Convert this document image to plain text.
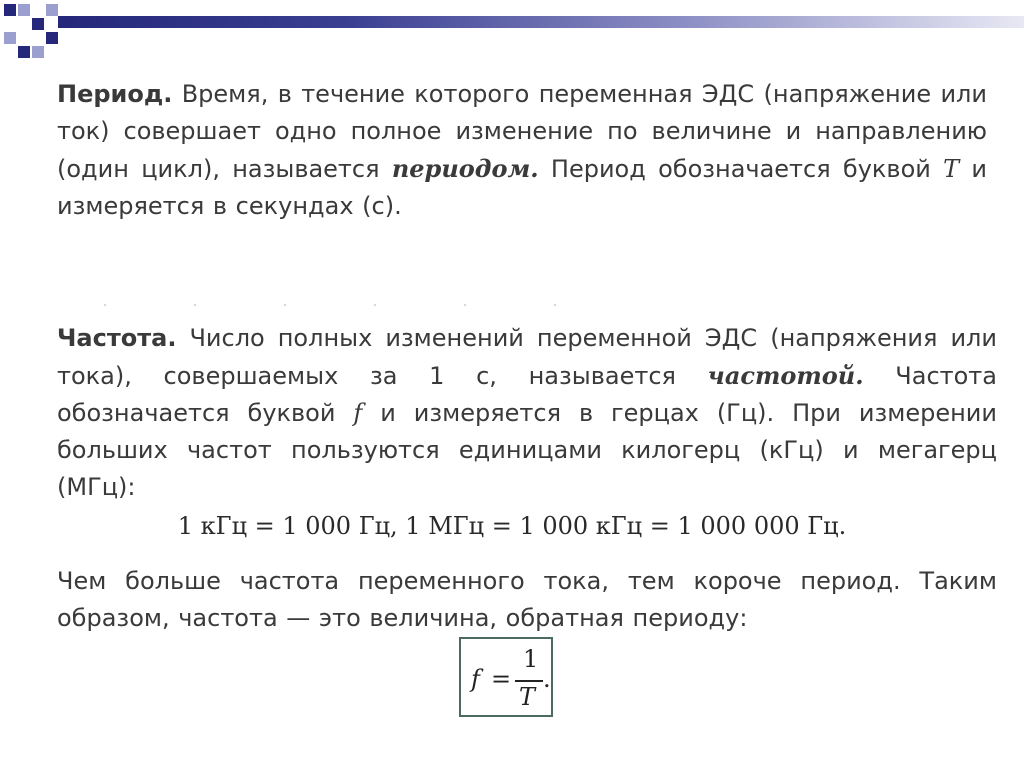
Период. Время, в течение которого переменная ЭДС (напряжение или ток) совершает одно полное изменение по величине и направлению (один цикл), называется периодом. Период обозначается буквой T и измеряется в секундах (с).
Частота. Число полных изменений переменной ЭДС (напряжения или тока), совершаемых за 1 с, называется частотой. Частота обозначается буквой f и измеряется в герцах (Гц). При измерении больших частот пользуются единицами килогерц (кГц) и мегагерц (МГц):
1 кГц = 1 000 Гц, 1 МГц = 1 000 кГц = 1 000 000 Гц.
Чем больше частота переменного тока, тем короче период. Таким образом, частота — это величина, обратная периоду:
f =
1
T
.
